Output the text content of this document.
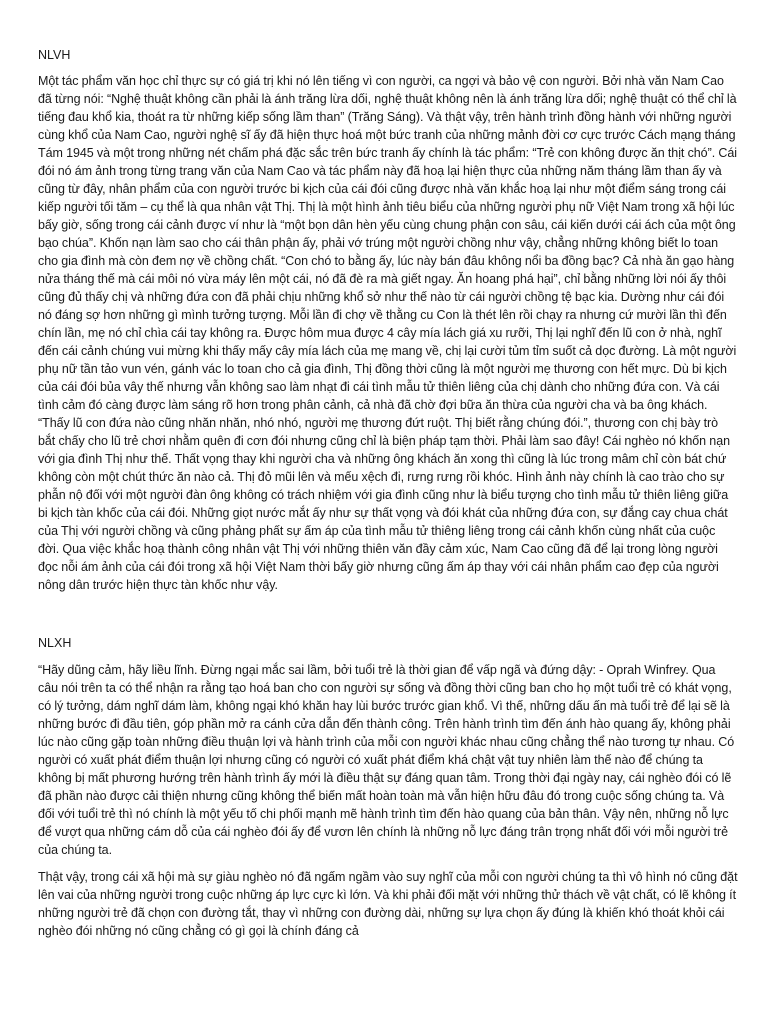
NLVH

Một tác phẩm văn học chỉ thực sự có giá trị khi nó lên tiếng vì con người, ca ngợi và bảo vệ con người. Bởi nhà văn Nam Cao đã từng nói: “Nghệ thuật không cần phải là ánh trăng lừa dối, nghệ thuật không nên là ánh trăng lừa dối; nghệ thuật có thể chỉ là tiếng đau khổ kia, thoát ra từ những kiếp sống lầm than” (Trăng Sáng). Và thật vậy, trên hành trình đồng hành với những người cùng khổ của Nam Cao, người nghệ sĩ ấy đã hiện thực hoá một bức tranh của những mảnh đời cơ cực trước Cách mạng tháng Tám 1945 và một trong những nét chấm phá đặc sắc trên bức tranh ấy chính là tác phẩm: “Trẻ con không được ăn thịt chó”. Cái đói nó ám ảnh trong từng trang văn của Nam Cao và tác phẩm này đã hoạ lại hiện thực của những năm tháng lầm than ấy và cũng từ đây, nhân phẩm của con người trước bi kịch của cái đói cũng được nhà văn khắc hoạ lại như một điểm sáng trong cái kiếp người tối tăm – cụ thể là qua nhân vật Thị. Thị là một hình ảnh tiêu biểu của những người phụ nữ Việt Nam trong xã hội lúc bấy giờ, sống trong cái cảnh được ví như là “một bọn dân hèn yếu cùng chung phận con sâu, cái kiến dưới cái ách của một ông bạo chúa”. Khốn nạn làm sao cho cái thân phận ấy, phải vớ trúng một người chồng như vậy, chẳng những không biết lo toan cho gia đình mà còn đem nợ về chồng chất. “Con chó to bằng ấy, lúc này bán đâu không nổi ba đồng bạc? Cả nhà ăn gạo hàng nửa tháng thế mà cái môi nó vừa máy lên một cái, nó đã đè ra mà giết ngay. Ăn hoang phá hại”, chỉ bằng những lời nói ấy thôi cũng đủ thấy chị và những đứa con đã phải chịu những khổ sở như thế nào từ cái người chồng tệ bạc kia. Dường như cái đói nó đáng sợ hơn những gì mình tưởng tượng. Mỗi lần đi chợ về thằng cu Con là thét lên rồi chạy ra nhưng cứ mười lần thì đến chín lần, mẹ nó chỉ chìa cái tay không ra. Được hôm mua được 4 cây mía lách giá xu rưỡi, Thị lại nghĩ đến lũ con ở nhà, nghĩ đến cái cảnh chúng vui mừng khi thấy mấy cây mía lách của mẹ mang về, chị lại cười tủm tỉm suốt cả dọc đường. Là một người phụ nữ tần tảo vun vén, gánh vác lo toan cho cả gia đình, Thị đồng thời cũng là một người mẹ thương con hết mực. Dù bi kịch của cái đói bủa vây thế nhưng vẫn không sao làm nhạt đi cái tình mẫu tử thiên liêng của chị dành cho những đứa con. Và cái tình cảm đó càng được làm sáng rõ hơn trong phân cảnh, cả nhà đã chờ đợi bữa ăn thừa của người cha và ba ông khách. “Thấy lũ con đứa nào cũng nhăn nhăn, nhó nhó, người mẹ thương đứt ruột. Thị biết rằng chúng đói.”, thương con chị bày trò bắt chấy cho lũ trẻ chơi nhằm quên đi cơn đói nhưng cũng chỉ là biện pháp tạm thời. Phải làm sao đây! Cái nghèo nó khốn nạn với gia đình Thị như thế. Thất vọng thay khi người cha và những ông khách ăn xong thì cũng là lúc trong mâm chỉ còn bát chứ không còn một chút thức ăn nào cả. Thị đỏ mũi lên và mếu xệch đi, rưng rưng rồi khóc. Hình ảnh này chính là cao trào cho sự phẫn nộ đối với một người đàn ông không có trách nhiệm với gia đình cũng như là biểu tượng cho tình mẫu tử thiên liêng giữa bi kịch tàn khốc của cái đói. Những giọt nước mắt ấy như sự thất vọng và đói khát của những đứa con, sự đắng cay chua chát của Thị với người chồng và cũng phảng phất sự ấm áp của tình mẫu tử thiêng liêng trong cái cảnh khốn cùng nhất của cuộc đời. Qua việc khắc hoạ thành công nhân vật Thị với những thiên văn đầy cảm xúc, Nam Cao cũng đã để lại trong lòng người đọc nỗi ám ảnh của cái đói trong xã hội Việt Nam thời bấy giờ nhưng cũng ấm áp thay với cái nhân phẩm cao đẹp của người nông dân trước hiện thực tàn khốc như vậy.

NLXH

“Hãy dũng cảm, hãy liều lĩnh. Đừng ngại mắc sai lầm, bởi tuổi trẻ là thời gian để vấp ngã và đứng dậy: - Oprah Winfrey. Qua câu nói trên ta có thể nhận ra rằng tạo hoá ban cho con người sự sống và đồng thời cũng ban cho họ một tuổi trẻ có khát vọng, có lý tưởng, dám nghĩ dám làm, không ngại khó khăn hay lùi bước trước gian khổ. Vì thế, những dấu ấn mà tuổi trẻ để lại sẽ là những bước đi đầu tiên, góp phần mở ra cánh cửa dẫn đến thành công. Trên hành trình tìm đến ánh hào quang ấy, không phải lúc nào cũng gặp toàn những điều thuận lợi và hành trình của mỗi con người khác nhau cũng chẳng thể nào tương tự nhau. Có người có xuất phát điểm thuận lợi nhưng cũng có người có xuất phát điểm khá chật vật tuy nhiên làm thế nào để chúng ta không bị mất phương hướng trên hành trình ấy mới là điều thật sự đáng quan tâm. Trong thời đại ngày nay, cái nghèo đói có lẽ đã phần nào được cải thiện nhưng cũng không thể biến mất hoàn toàn mà vẫn hiện hữu đâu đó trong cuộc sống chúng ta. Và đối với tuổi trẻ thì nó chính là một yếu tố chi phối mạnh mẽ hành trình tìm đến hào quang của bản thân. Vậy nên, những nỗ lực để vượt qua những cám dỗ của cái nghèo đói ấy để vươn lên chính là những nỗ lực đáng trân trọng nhất đối với mỗi người trẻ của chúng ta.

Thật vậy, trong cái xã hội mà sự giàu nghèo nó đã ngấm ngầm vào suy nghĩ của mỗi con người chúng ta thì vô hình nó cũng đặt lên vai của những người trong cuộc những áp lực cực kì lớn. Và khi phải đối mặt với những thử thách về vật chất, có lẽ không ít những người trẻ đã chọn con đường tắt, thay vì những con đường dài, những sự lựa chọn ấy đúng là khiến khó thoát khỏi cái nghèo đói những nó cũng chẳng có gì gọi là chính đáng cả
